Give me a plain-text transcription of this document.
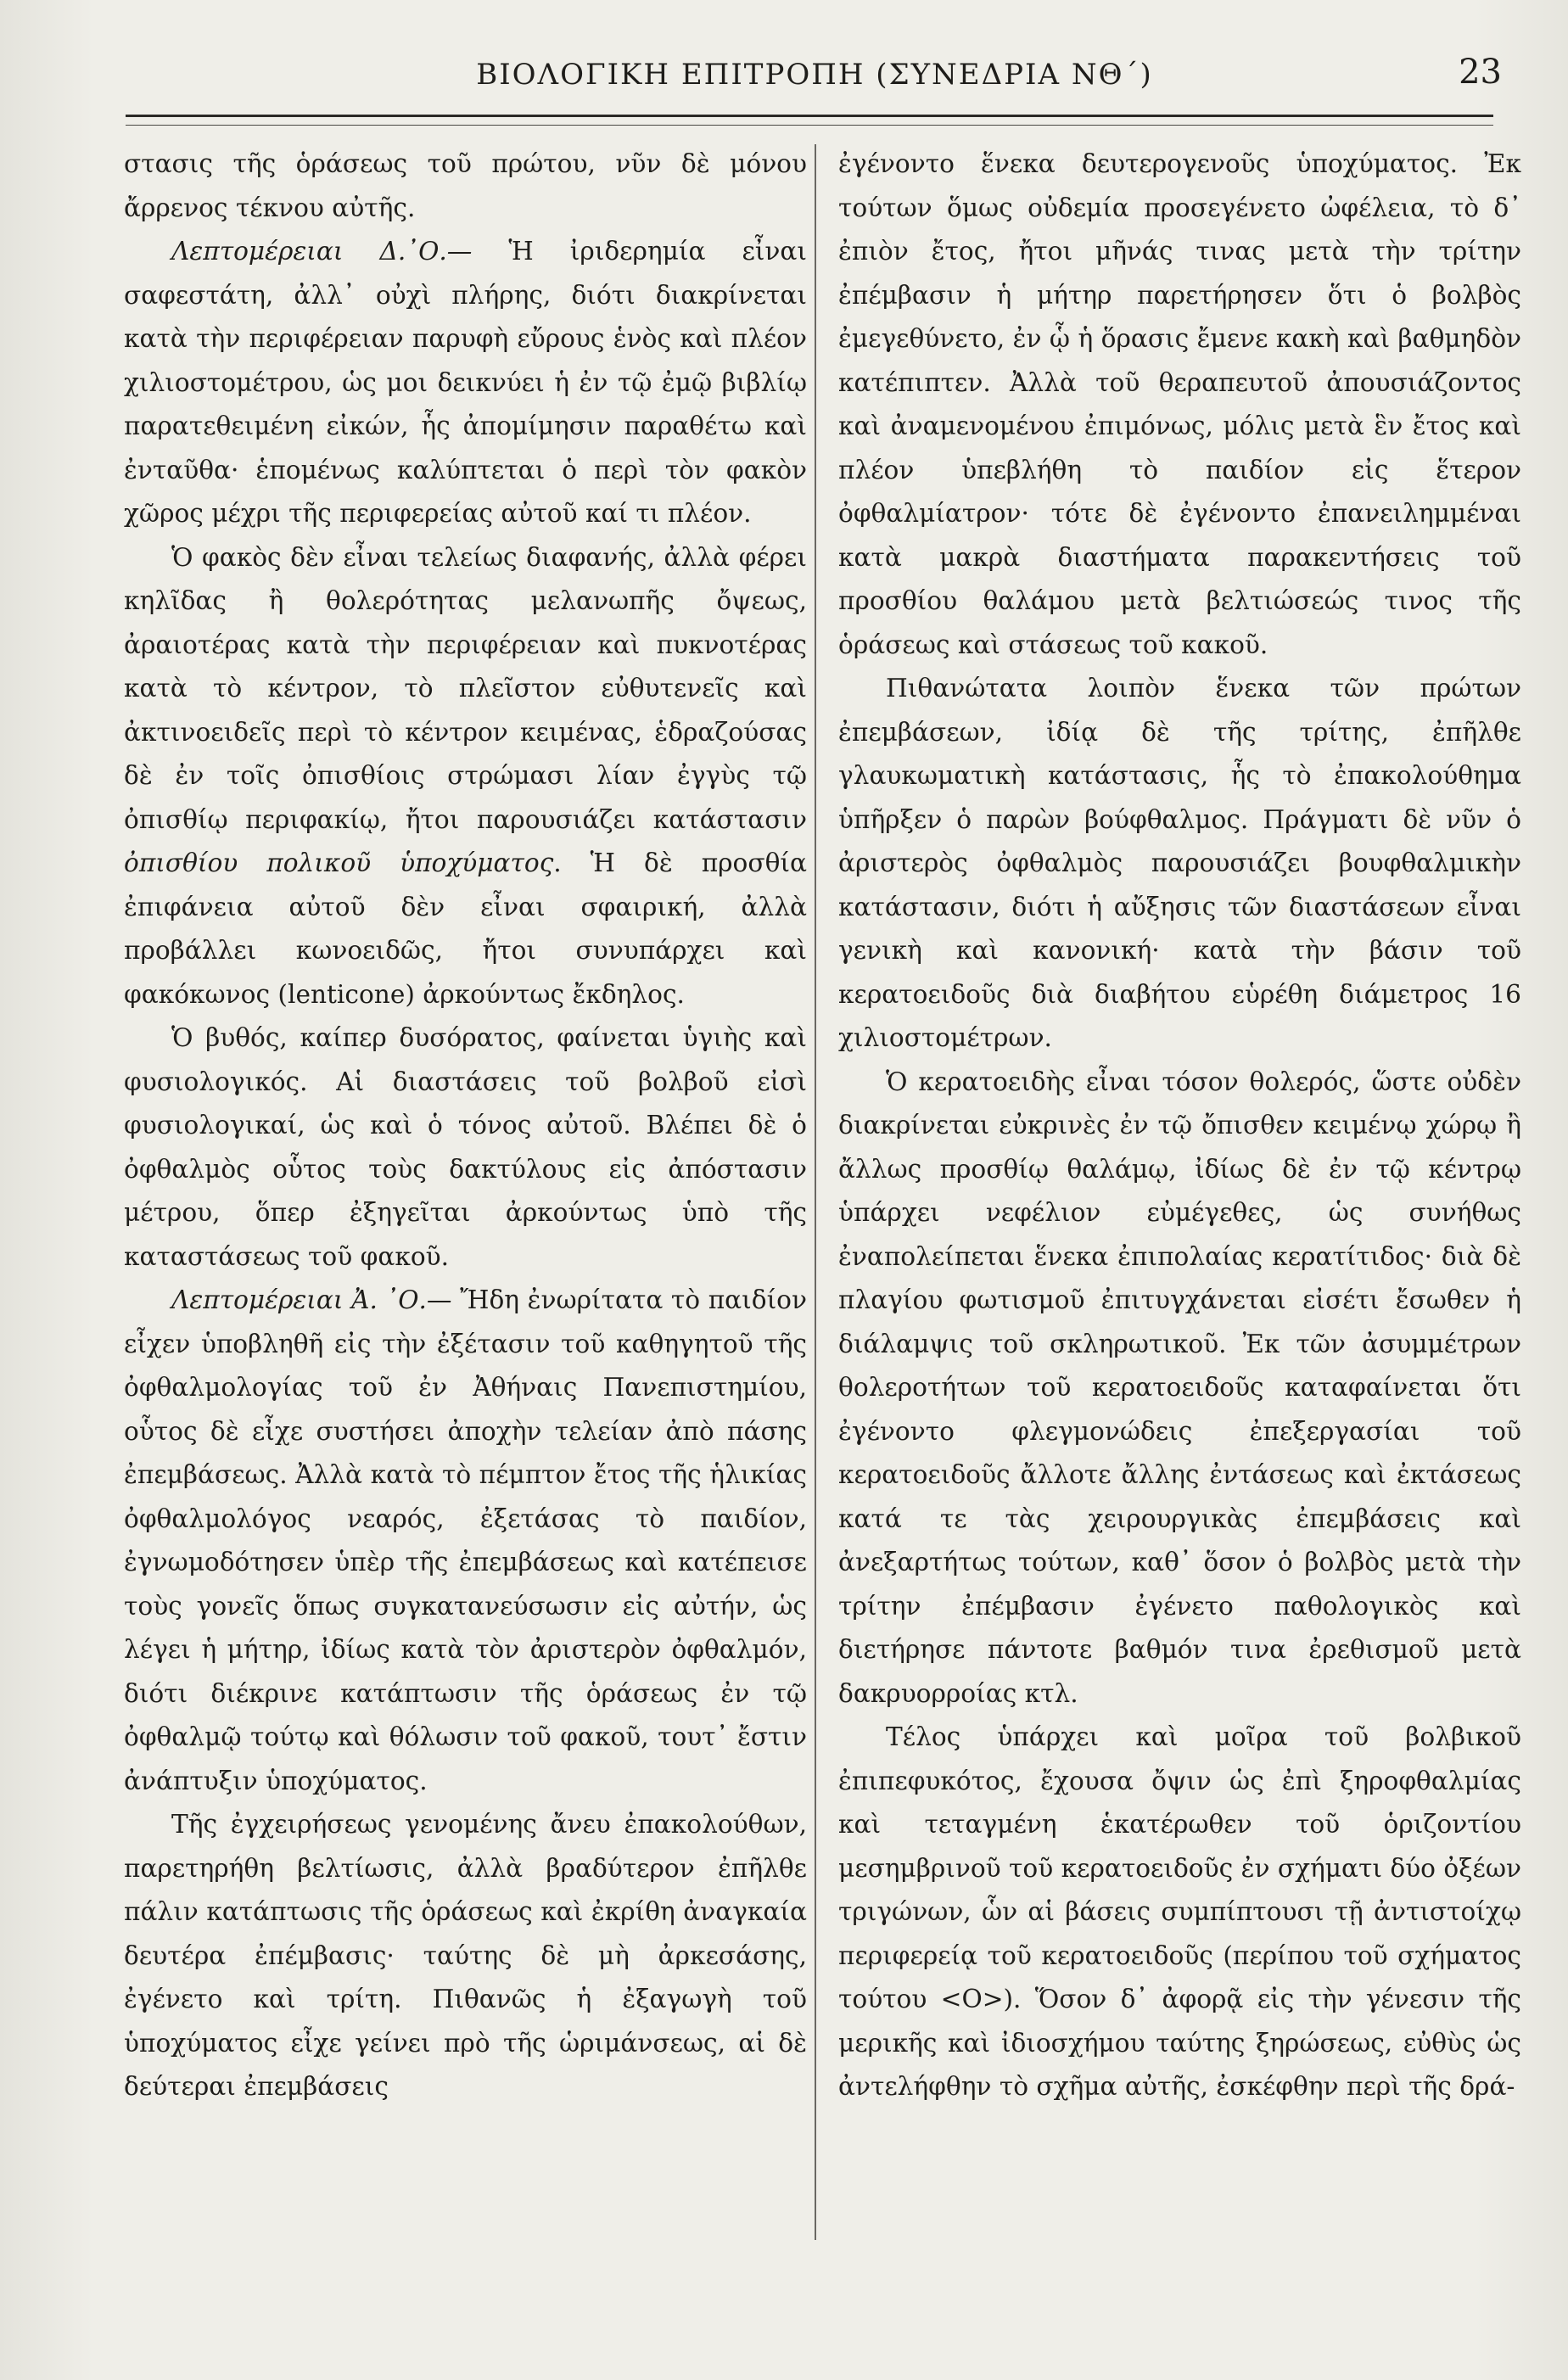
ΒΙΟΛΟΓΙΚΗ ΕΠΙΤΡΟΠΗ (ΣΥΝΕΔΡΙΑ ΝΘ΄)	23

στασις τῆς ὁράσεως τοῦ πρώτου, νῦν δὲ μόνου ἄρρενος τέκνου αὐτῆς.

Λεπτομέρειαι Δ.᾿Ο.— Ἡ ἰριδερημία εἶναι σαφεστάτη, ἀλλ᾿ οὐχὶ πλήρης, διότι διακρίνεται κατὰ τὴν περιφέρειαν παρυφὴ εὔρους ἑνὸς καὶ πλέον χιλιοστομέτρου, ὡς μοι δεικνύει ἡ ἐν τῷ ἐμῷ βιβλίῳ παρατεθειμένη εἰκών, ἧς ἀπομίμησιν παραθέτω καὶ ἐνταῦθα· ἑπομένως καλύπτεται ὁ περὶ τὸν φακὸν χῶρος μέχρι τῆς περιφερείας αὐτοῦ καί τι πλέον.

Ὁ φακὸς δὲν εἶναι τελείως διαφανής, ἀλλὰ φέρει κηλῖδας ἢ θολερότητας μελανωπῆς ὄψεως, ἀραιοτέρας κατὰ τὴν περιφέρειαν καὶ πυκνοτέρας κατὰ τὸ κέντρον, τὸ πλεῖστον εὐθυτενεῖς καὶ ἀκτινοειδεῖς περὶ τὸ κέντρον κειμένας, ἑδραζούσας δὲ ἐν τοῖς ὀπισθίοις στρώμασι λίαν ἐγγὺς τῷ ὀπισθίῳ περιφακίῳ, ἤτοι παρουσιάζει κατάστασιν ὀπισθίου πολικοῦ ὑποχύματος. Ἡ δὲ προσθία ἐπιφάνεια αὐτοῦ δὲν εἶναι σφαιρική, ἀλλὰ προβάλλει κωνοειδῶς, ἤτοι συνυπάρχει καὶ φακόκωνος (lenticone) ἀρκούντως ἔκδηλος.

Ὁ βυθός, καίπερ δυσόρατος, φαίνεται ὑγιὴς καὶ φυσιολογικός. Αἱ διαστάσεις τοῦ βολβοῦ εἰσὶ φυσιολογικαί, ὡς καὶ ὁ τόνος αὐτοῦ. Βλέπει δὲ ὁ ὀφθαλμὸς οὗτος τοὺς δακτύλους εἰς ἀπόστασιν μέτρου, ὅπερ ἐξηγεῖται ἀρκούντως ὑπὸ τῆς καταστάσεως τοῦ φακοῦ.

Λεπτομέρειαι Ἀ. ᾿Ο.— Ἤδη ἐνωρίτατα τὸ παιδίον εἶχεν ὑποβληθῆ εἰς τὴν ἐξέτασιν τοῦ καθηγητοῦ τῆς ὀφθαλμολογίας τοῦ ἐν Ἀθήναις Πανεπιστημίου, οὗτος δὲ εἶχε συστήσει ἀποχὴν τελείαν ἀπὸ πάσης ἐπεμβάσεως. Ἀλλὰ κατὰ τὸ πέμπτον ἔτος τῆς ἡλικίας ὀφθαλμολόγος νεαρός, ἐξετάσας τὸ παιδίον, ἐγνωμοδότησεν ὑπὲρ τῆς ἐπεμβάσεως καὶ κατέπεισε τοὺς γονεῖς ὅπως συγκατανεύσωσιν εἰς αὐτήν, ὡς λέγει ἡ μήτηρ, ἰδίως κατὰ τὸν ἀριστερὸν ὀφθαλμόν, διότι διέκρινε κατάπτωσιν τῆς ὁράσεως ἐν τῷ ὀφθαλμῷ τούτῳ καὶ θόλωσιν τοῦ φακοῦ, τουτ᾿ ἔστιν ἀνάπτυξιν ὑποχύματος.

Τῆς ἐγχειρήσεως γενομένης ἄνευ ἐπακολούθων, παρετηρήθη βελτίωσις, ἀλλὰ βραδύτερον ἐπῆλθε πάλιν κατάπτωσις τῆς ὁράσεως καὶ ἐκρίθη ἀναγκαία δευτέρα ἐπέμβασις· ταύτης δὲ μὴ ἀρκεσάσης, ἐγένετο καὶ τρίτη. Πιθανῶς ἡ ἐξαγωγὴ τοῦ ὑποχύματος εἶχε γείνει πρὸ τῆς ὡριμάνσεως, αἱ δὲ δεύτεραι ἐπεμβάσεις

ἐγένοντο ἕνεκα δευτερογενοῦς ὑποχύματος. Ἐκ τούτων ὅμως οὐδεμία προσεγένετο ὠφέλεια, τὸ δ᾿ ἐπιὸν ἔτος, ἤτοι μῆνάς τινας μετὰ τὴν τρίτην ἐπέμβασιν ἡ μήτηρ παρετήρησεν ὅτι ὁ βολβὸς ἐμεγεθύνετο, ἐν ᾧ ἡ ὅρασις ἔμενε κακὴ καὶ βαθμηδὸν κατέπιπτεν. Ἀλλὰ τοῦ θεραπευτοῦ ἀπουσιάζοντος καὶ ἀναμενομένου ἐπιμόνως, μόλις μετὰ ἓν ἔτος καὶ πλέον ὑπεβλήθη τὸ παιδίον εἰς ἕτερον ὀφθαλμίατρον· τότε δὲ ἐγένοντο ἐπανειλημμέναι κατὰ μακρὰ διαστήματα παρακεντήσεις τοῦ προσθίου θαλάμου μετὰ βελτιώσεώς τινος τῆς ὁράσεως καὶ στάσεως τοῦ κακοῦ.

Πιθανώτατα λοιπὸν ἕνεκα τῶν πρώτων ἐπεμβάσεων, ἰδίᾳ δὲ τῆς τρίτης, ἐπῆλθε γλαυκωματικὴ κατάστασις, ἧς τὸ ἐπακολούθημα ὑπῆρξεν ὁ παρὼν βούφθαλμος. Πράγματι δὲ νῦν ὁ ἀριστερὸς ὀφθαλμὸς παρουσιάζει βουφθαλμικὴν κατάστασιν, διότι ἡ αὔξησις τῶν διαστάσεων εἶναι γενικὴ καὶ κανονική· κατὰ τὴν βάσιν τοῦ κερατοειδοῦς διὰ διαβήτου εὑρέθη διάμετρος 16 χιλιοστομέτρων.

Ὁ κερατοειδὴς εἶναι τόσον θολερός, ὥστε οὐδὲν διακρίνεται εὐκρινὲς ἐν τῷ ὄπισθεν κειμένῳ χώρῳ ἢ ἄλλως προσθίῳ θαλάμῳ, ἰδίως δὲ ἐν τῷ κέντρῳ ὑπάρχει νεφέλιον εὐμέγεθες, ὡς συνήθως ἐναπολείπεται ἕνεκα ἐπιπολαίας κερατίτιδος· διὰ δὲ πλαγίου φωτισμοῦ ἐπιτυγχάνεται εἰσέτι ἔσωθεν ἡ διάλαμψις τοῦ σκληρωτικοῦ. Ἐκ τῶν ἀσυμμέτρων θολεροτήτων τοῦ κερατοειδοῦς καταφαίνεται ὅτι ἐγένοντο φλεγμονώδεις ἐπεξεργασίαι τοῦ κερατοειδοῦς ἄλλοτε ἄλλης ἐντάσεως καὶ ἐκτάσεως κατά τε τὰς χειρουργικὰς ἐπεμβάσεις καὶ ἀνεξαρτήτως τούτων, καθ᾿ ὅσον ὁ βολβὸς μετὰ τὴν τρίτην ἐπέμβασιν ἐγένετο παθολογικὸς καὶ διετήρησε πάντοτε βαθμόν τινα ἐρεθισμοῦ μετὰ δακρυορροίας κτλ.

Τέλος ὑπάρχει καὶ μοῖρα τοῦ βολβικοῦ ἐπιπεφυκότος, ἔχουσα ὄψιν ὡς ἐπὶ ξηροφθαλμίας καὶ τεταγμένη ἑκατέρωθεν τοῦ ὁριζοντίου μεσημβρινοῦ τοῦ κερατοειδοῦς ἐν σχήματι δύο ὀξέων τριγώνων, ὧν αἱ βάσεις συμπίπτουσι τῇ ἀντιστοίχῳ περιφερείᾳ τοῦ κερατοειδοῦς (περίπου τοῦ σχήματος τούτου <O>). Ὅσον δ᾿ ἀφορᾷ εἰς τὴν γένεσιν τῆς μερικῆς καὶ ἰδιοσχήμου ταύτης ξηρώσεως, εὐθὺς ὡς ἀντελήφθην τὸ σχῆμα αὐτῆς, ἐσκέφθην περὶ τῆς δρά-
